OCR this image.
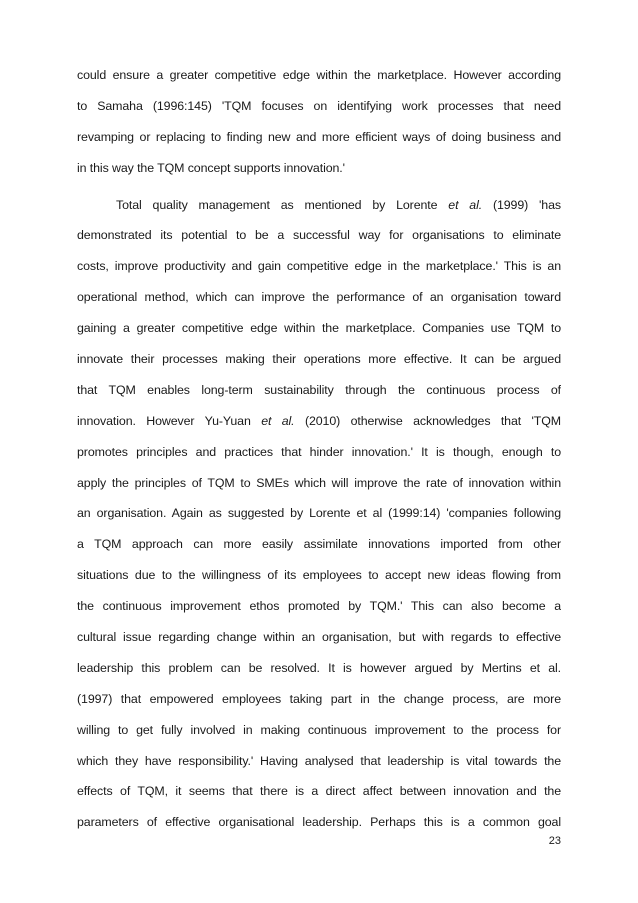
could ensure a greater competitive edge within the marketplace. However according
to Samaha (1996:145) 'TQM focuses on identifying work processes that need
revamping or replacing to finding new and more efficient ways of doing business and
in this way the TQM concept supports innovation.'
Total quality management as mentioned by Lorente et al. (1999) 'has
demonstrated its potential to be a successful way for organisations to eliminate
costs, improve productivity and gain competitive edge in the marketplace.' This is an
operational method, which can improve the performance of an organisation toward
gaining a greater competitive edge within the marketplace. Companies use TQM to
innovate their processes making their operations more effective. It can be argued
that TQM enables long-term sustainability through the continuous process of
innovation. However Yu-Yuan et al. (2010) otherwise acknowledges that 'TQM
promotes principles and practices that hinder innovation.' It is though, enough to
apply the principles of TQM to SMEs which will improve the rate of innovation within
an organisation. Again as suggested by Lorente et al (1999:14) 'companies following
a TQM approach can more easily assimilate innovations imported from other
situations due to the willingness of its employees to accept new ideas flowing from
the continuous improvement ethos promoted by TQM.' This can also become a
cultural issue regarding change within an organisation, but with regards to effective
leadership this problem can be resolved. It is however argued by Mertins et al.
(1997) that empowered employees taking part in the change process, are more
willing to get fully involved in making continuous improvement to the process for
which they have responsibility.' Having analysed that leadership is vital towards the
effects of TQM, it seems that there is a direct affect between innovation and the
parameters of effective organisational leadership. Perhaps this is a common goal
23
